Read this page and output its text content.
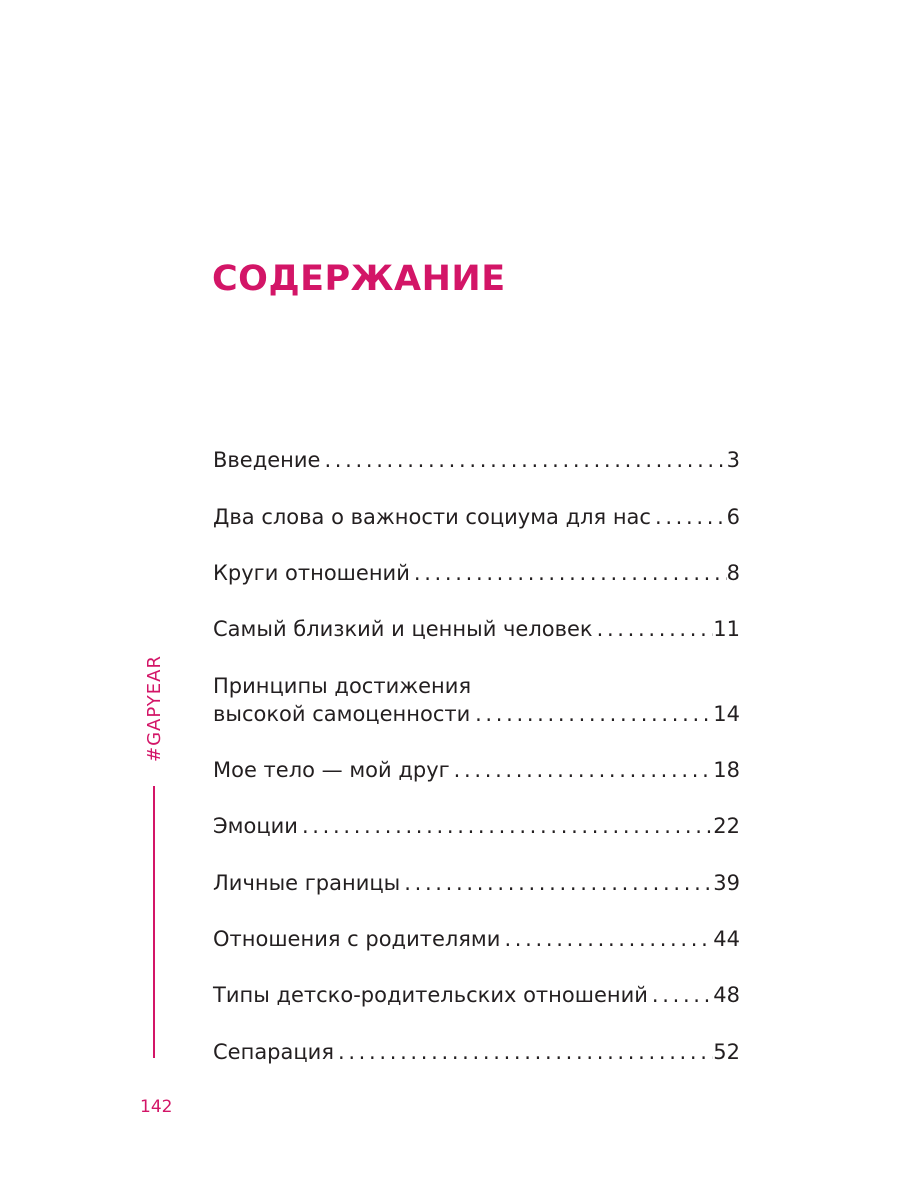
СОДЕРЖАНИЕ
Введение . . .	3
Два слова о важности социума для нас . . .	6
Круги отношений . . .	8
Самый близкий и ценный человек . . .	11
Принципы достижения
высокой самоценности . . .	14
Мое тело — мой друг . . .	18
Эмоции . . .	22
Личные границы . . .	39
Отношения с родителями . . .	44
Типы детско-родительских отношений . . .	48
Сепарация . . .	52
#GAPYEAR
142
